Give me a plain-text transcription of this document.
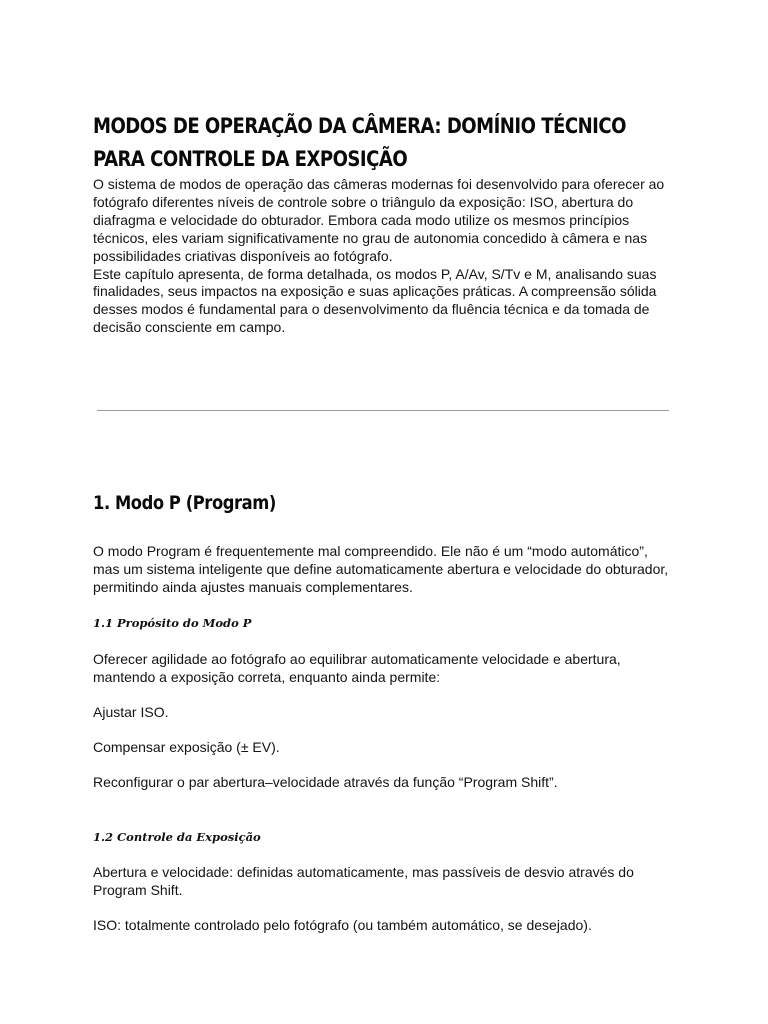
MODOS DE OPERAÇÃO DA CÂMERA: DOMÍNIO TÉCNICO PARA CONTROLE DA EXPOSIÇÃO

O sistema de modos de operação das câmeras modernas foi desenvolvido para oferecer ao fotógrafo diferentes níveis de controle sobre o triângulo da exposição: ISO, abertura do diafragma e velocidade do obturador. Embora cada modo utilize os mesmos princípios técnicos, eles variam significativamente no grau de autonomia concedido à câmera e nas possibilidades criativas disponíveis ao fotógrafo.

Este capítulo apresenta, de forma detalhada, os modos P, A/Av, S/Tv e M, analisando suas finalidades, seus impactos na exposição e suas aplicações práticas. A compreensão sólida desses modos é fundamental para o desenvolvimento da fluência técnica e da tomada de decisão consciente em campo.

1. Modo P (Program)

O modo Program é frequentemente mal compreendido. Ele não é um “modo automático”, mas um sistema inteligente que define automaticamente abertura e velocidade do obturador, permitindo ainda ajustes manuais complementares.

1.1 Propósito do Modo P

Oferecer agilidade ao fotógrafo ao equilibrar automaticamente velocidade e abertura, mantendo a exposição correta, enquanto ainda permite:

Ajustar ISO.

Compensar exposição (± EV).

Reconfigurar o par abertura–velocidade através da função “Program Shift”.

1.2 Controle da Exposição

Abertura e velocidade: definidas automaticamente, mas passíveis de desvio através do Program Shift.

ISO: totalmente controlado pelo fotógrafo (ou também automático, se desejado).
